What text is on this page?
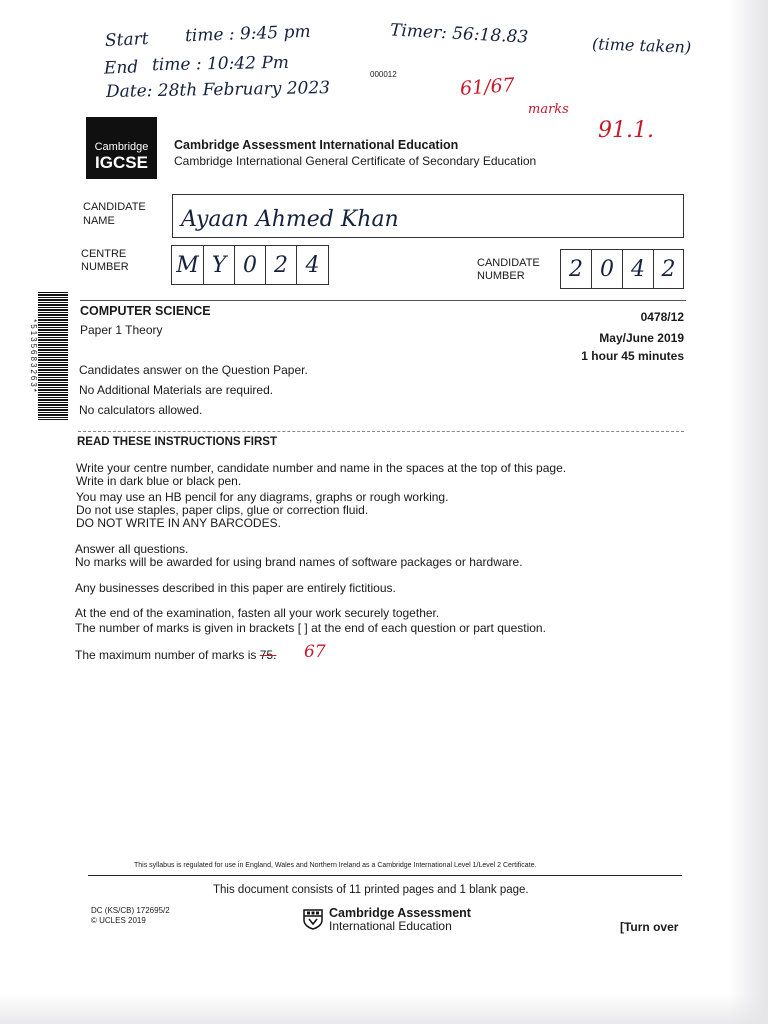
Start time : 9:45 pm	Timer: 56:18.83	(time taken)
End time : 10:42 Pm	000012
Date: 28th February 2023	61/67
marks
91.1.
Cambridge
IGCSE
Cambridge Assessment International Education
Cambridge International General Certificate of Secondary Education
CANDIDATE NAME	Ayaan Ahmed Khan
CENTRE NUMBER	M Y 0 2 4	CANDIDATE NUMBER	2 0 4 2
*5135683263*
COMPUTER SCIENCE
Paper 1 Theory
0478/12
May/June 2019
1 hour 45 minutes
Candidates answer on the Question Paper.
No Additional Materials are required.
No calculators allowed.
READ THESE INSTRUCTIONS FIRST
Write your centre number, candidate number and name in the spaces at the top of this page.
Write in dark blue or black pen.
You may use an HB pencil for any diagrams, graphs or rough working.
Do not use staples, paper clips, glue or correction fluid.
DO NOT WRITE IN ANY BARCODES.
Answer all questions.
No marks will be awarded for using brand names of software packages or hardware.
Any businesses described in this paper are entirely fictitious.
At the end of the examination, fasten all your work securely together.
The number of marks is given in brackets [ ] at the end of each question or part question.
The maximum number of marks is 75. 67
This syllabus is regulated for use in England, Wales and Northern Ireland as a Cambridge International Level 1/Level 2 Certificate.
This document consists of 11 printed pages and 1 blank page.
DC (KS/CB) 172695/2
© UCLES 2019
Cambridge Assessment
International Education	[Turn over
